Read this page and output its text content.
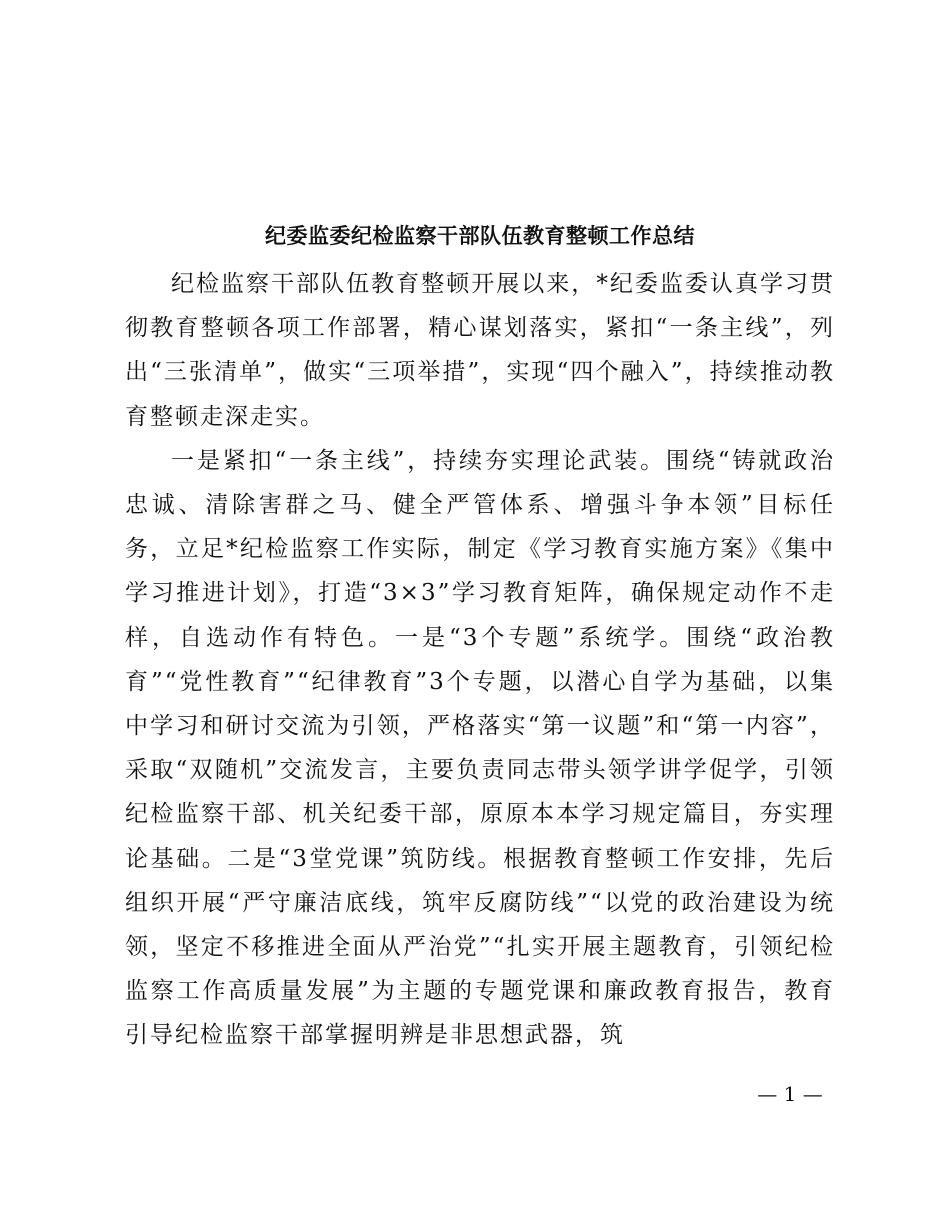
纪委监委纪检监察干部队伍教育整顿工作总结

纪检监察干部队伍教育整顿开展以来，*纪委监委认真学习贯彻教育整顿各项工作部署，精心谋划落实，紧扣“一条主线”，列出“三张清单”，做实“三项举措”，实现“四个融入”，持续推动教育整顿走深走实。

一是紧扣“一条主线”，持续夯实理论武装。围绕“铸就政治忠诚、清除害群之马、健全严管体系、增强斗争本领”目标任务，立足*纪检监察工作实际，制定《学习教育实施方案》《集中学习推进计划》，打造“3×3”学习教育矩阵，确保规定动作不走样，自选动作有特色。一是“3个专题”系统学。围绕“政治教育”“党性教育”“纪律教育”3个专题，以潜心自学为基础，以集中学习和研讨交流为引领，严格落实“第一议题”和“第一内容”，采取“双随机”交流发言，主要负责同志带头领学讲学促学，引领纪检监察干部、机关纪委干部，原原本本学习规定篇目，夯实理论基础。二是“3堂党课”筑防线。根据教育整顿工作安排，先后组织开展“严守廉洁底线，筑牢反腐防线”“以党的政治建设为统领，坚定不移推进全面从严治党”“扎实开展主题教育，引领纪检监察工作高质量发展”为主题的专题党课和廉政教育报告，教育引导纪检监察干部掌握明辨是非思想武器，筑

— 1 —
